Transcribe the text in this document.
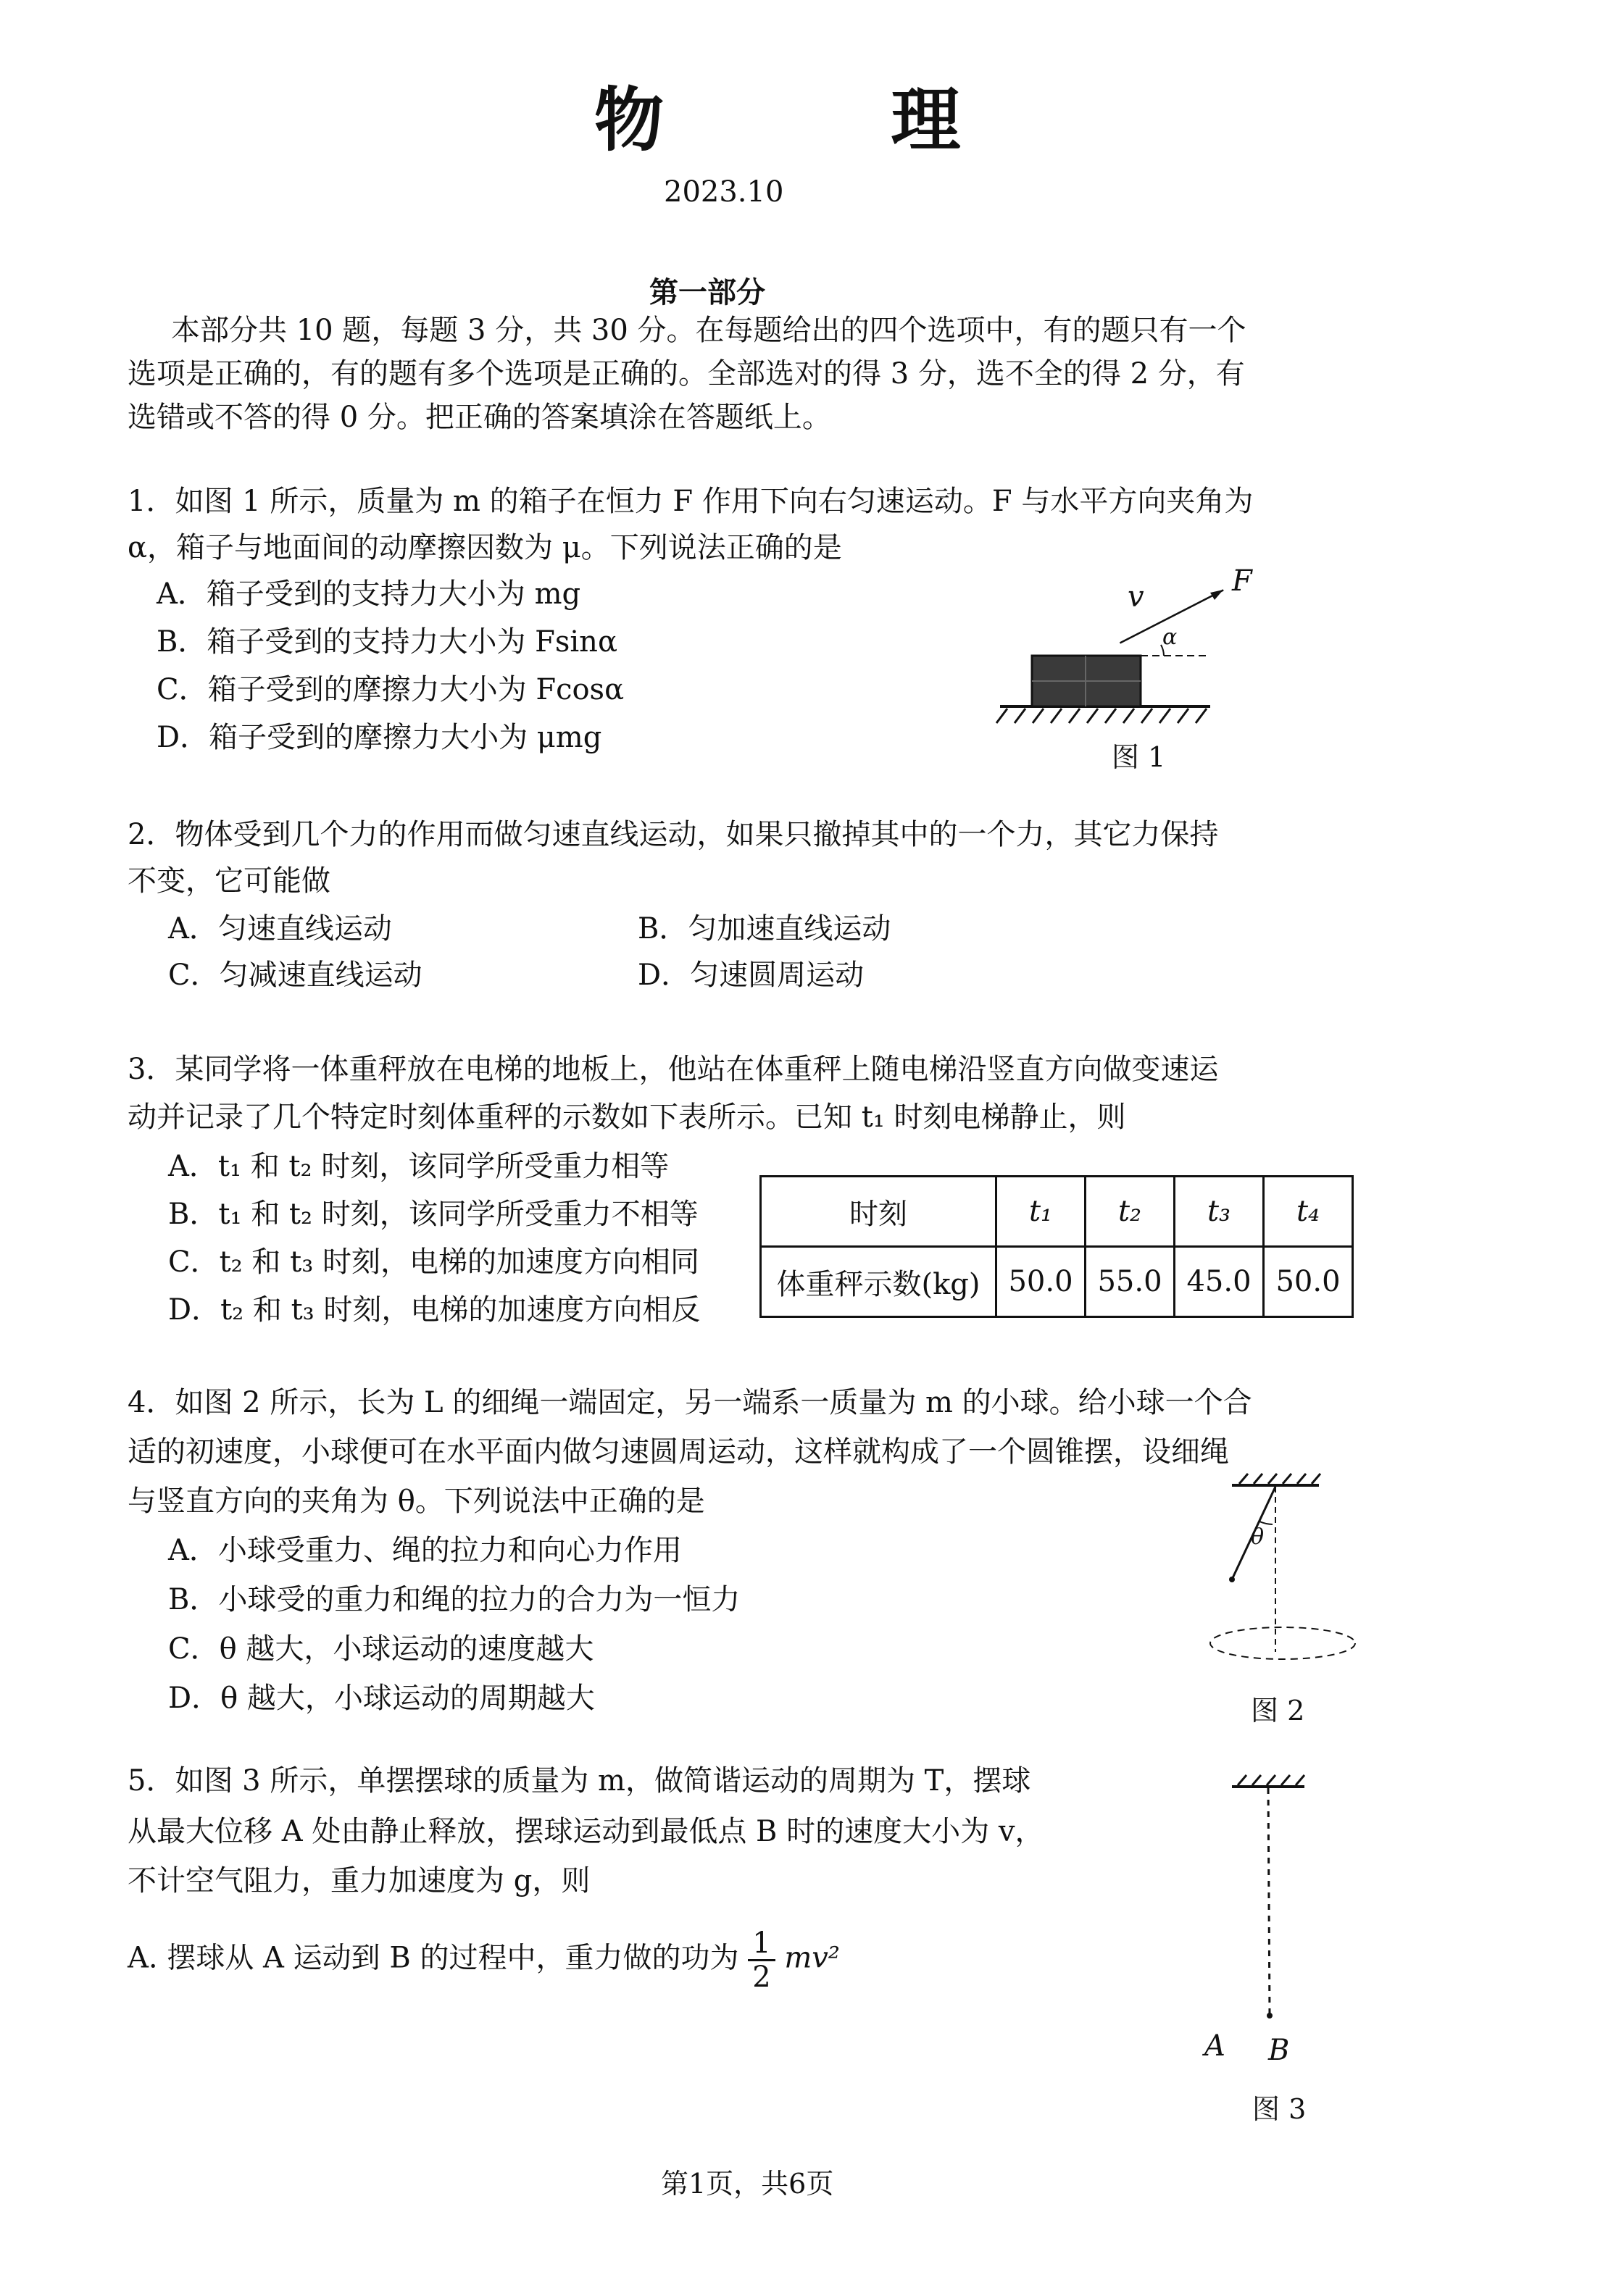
物 理
2023.10
第一部分
本部分共 10 题，每题 3 分，共 30 分。在每题给出的四个选项中，有的题只有一个
选项是正确的，有的题有多个选项是正确的。全部选对的得 3 分，选不全的得 2 分，有
选错或不答的得 0 分。把正确的答案填涂在答题纸上。
1．如图 1 所示，质量为 m 的箱子在恒力 F 作用下向右匀速运动。F 与水平方向夹角为
α，箱子与地面间的动摩擦因数为 μ。下列说法正确的是
A．箱子受到的支持力大小为 mg
B．箱子受到的支持力大小为 Fsinα
C．箱子受到的摩擦力大小为 Fcosα
D．箱子受到的摩擦力大小为 μmg
v	F
α
图 1
2．物体受到几个力的作用而做匀速直线运动，如果只撤掉其中的一个力，其它力保持
不变，它可能做
A．匀速直线运动	B．匀加速直线运动
C．匀减速直线运动	D．匀速圆周运动
3．某同学将一体重秤放在电梯的地板上，他站在体重秤上随电梯沿竖直方向做变速运
动并记录了几个特定时刻体重秤的示数如下表所示。已知 t₁ 时刻电梯静止，则
A．t₁ 和 t₂ 时刻，该同学所受重力相等
B．t₁ 和 t₂ 时刻，该同学所受重力不相等
C．t₂ 和 t₃ 时刻，电梯的加速度方向相同
D．t₂ 和 t₃ 时刻，电梯的加速度方向相反
时刻	t₁	t₂	t₃	t₄
体重秤示数(kg)	50.0	55.0	45.0	50.0
4．如图 2 所示，长为 L 的细绳一端固定，另一端系一质量为 m 的小球。给小球一个合
适的初速度，小球便可在水平面内做匀速圆周运动，这样就构成了一个圆锥摆，设细绳
与竖直方向的夹角为 θ。下列说法中正确的是
A．小球受重力、绳的拉力和向心力作用
B．小球受的重力和绳的拉力的合力为一恒力
C．θ 越大，小球运动的速度越大
D．θ 越大，小球运动的周期越大
θ
图 2
5．如图 3 所示，单摆摆球的质量为 m，做简谐运动的周期为 T，摆球
从最大位移 A 处由静止释放，摆球运动到最低点 B 时的速度大小为 v，
不计空气阻力，重力加速度为 g，则
A. 摆球从 A 运动到 B 的过程中，重力做的功为 $\frac{1}{2} mv^2$
A B
图 3
第1页，共6页
